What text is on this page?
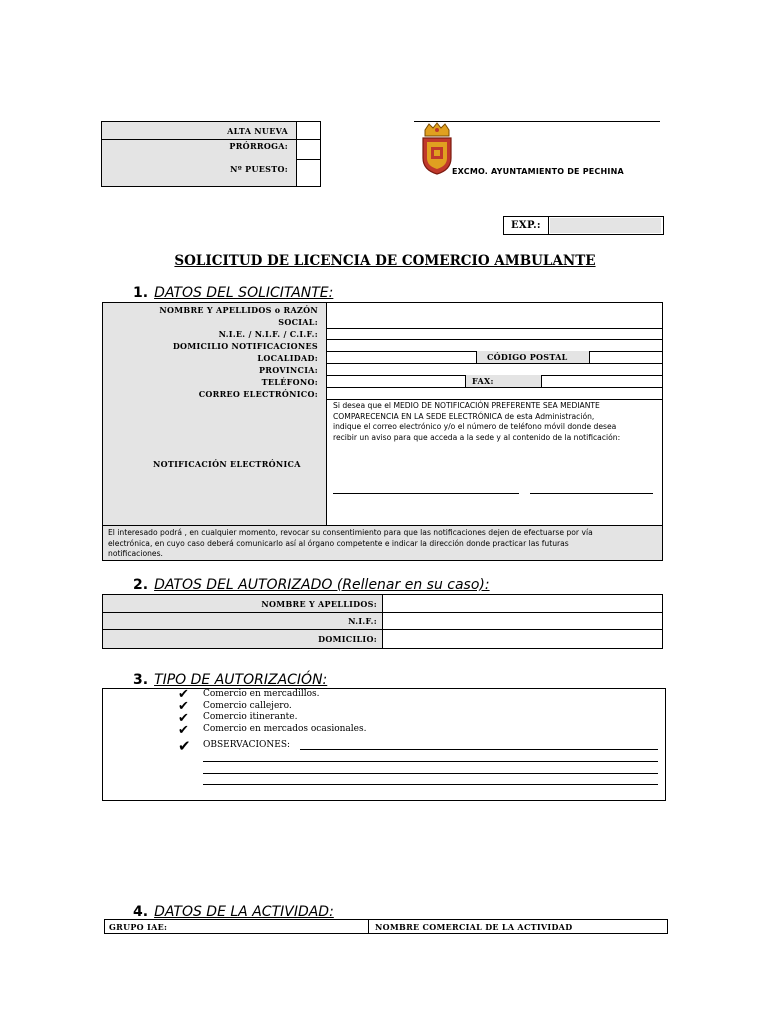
ALTA NUEVA
PRÓRROGA:
Nº PUESTO:	EXCMO. AYUNTAMIENTO DE PECHINA
EXP.:
SOLICITUD DE LICENCIA DE COMERCIO AMBULANTE
1. DATOS DEL SOLICITANTE:
NOMBRE Y APELLIDOS o RAZÓN
SOCIAL:
N.I.E. / N.I.F. / C.I.F.:
DOMICILIO NOTIFICACIONES
LOCALIDAD:
PROVINCIA:
TELÉFONO:
CORREO ELECTRÓNICO:
NOTIFICACIÓN ELECTRÓNICA
CÓDIGO POSTAL
FAX:
Si desea que el MEDIO DE NOTIFICACIÓN PREFERENTE SEA MEDIANTE
COMPARECENCIA EN LA SEDE ELECTRÓNICA de esta Administración,
indique el correo electrónico y/o el número de teléfono móvil donde desea
recibir un aviso para que acceda a la sede y al contenido de la notificación:
El interesado podrá , en cualquier momento, revocar su consentimiento para que las notificaciones dejen de efectuarse por vía
electrónica, en cuyo caso deberá comunicarlo así al órgano competente e indicar la dirección donde practicar las futuras
notificaciones.
2. DATOS DEL AUTORIZADO (Rellenar en su caso):
NOMBRE Y APELLIDOS:
N.I.F.:
DOMICILIO:
3. TIPO DE AUTORIZACIÓN:
✔ Comercio en mercadillos.
✔ Comercio callejero.
✔ Comercio itinerante.
✔ Comercio en mercados ocasionales.
✔ OBSERVACIONES:
4. DATOS DE LA ACTIVIDAD:
GRUPO IAE:	NOMBRE COMERCIAL DE LA ACTIVIDAD
